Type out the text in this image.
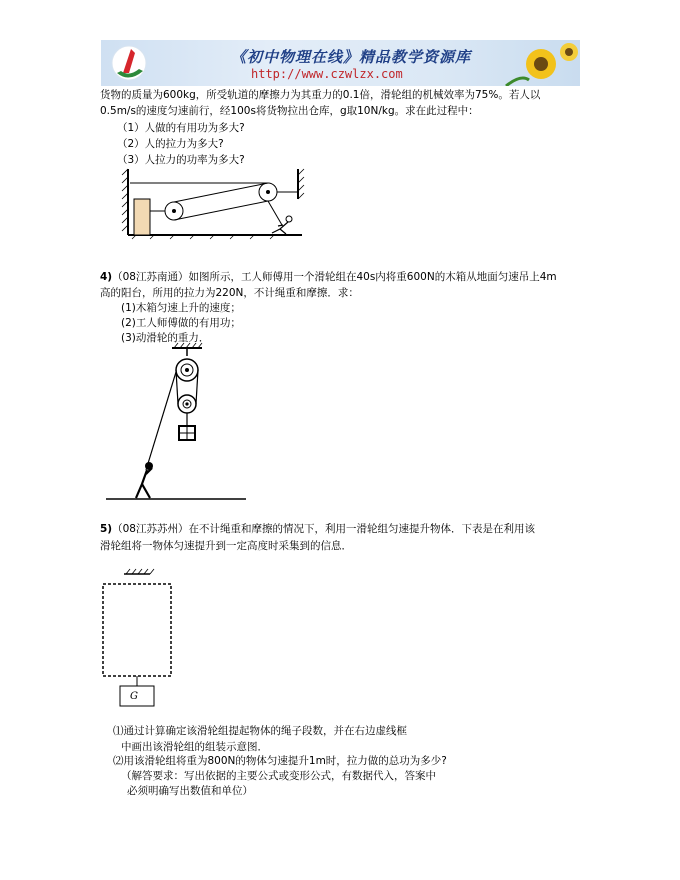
《初中物理在线》精品教学资源库
http://www.czwlzx.com
货物的质量为600kg，所受轨道的摩擦力为其重力的0.1倍，滑轮组的机械效率为75%。若人以
0.5m/s的速度匀速前行，经100s将货物拉出仓库，g取10N/kg。求在此过程中：
（1）人做的有用功为多大?
（2）人的拉力为多大?
（3）人拉力的功率为多大?
4)（08江苏南通）如图所示，工人师傅用一个滑轮组在40s内将重600N的木箱从地面匀速吊上4m
高的阳台，所用的拉力为220N，不计绳重和摩擦．求：
(1)木箱匀速上升的速度；
(2)工人师傅做的有用功；
(3)动滑轮的重力．
5)（08江苏苏州）在不计绳重和摩擦的情况下，利用一滑轮组匀速提升物体．下表是在利用该
滑轮组将一物体匀速提升到一定高度时采集到的信息．
G
⑴通过计算确定该滑轮组提起物体的绳子段数，并在右边虚线框
中画出该滑轮组的组装示意图．
⑵用该滑轮组将重为800N的物体匀速提升1m时，拉力做的总功为多少?
（解答要求：写出依据的主要公式或变形公式，有数据代入，答案中
必须明确写出数值和单位）
